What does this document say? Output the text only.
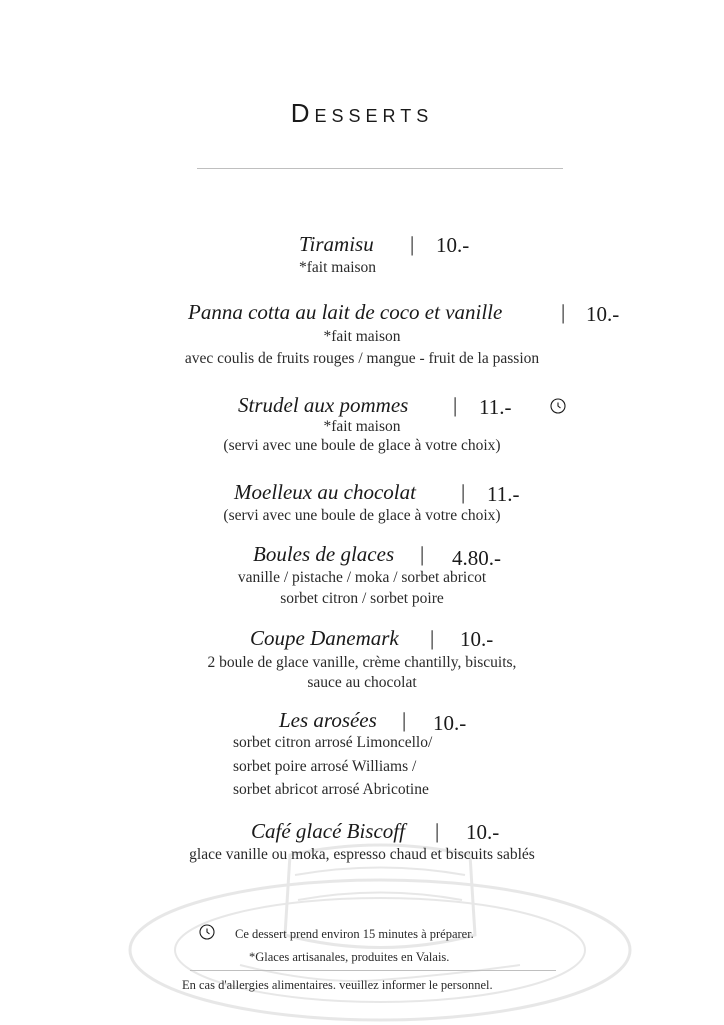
Desserts
Tiramisu | 10.-
*fait maison
Panna cotta au lait de coco et vanille	| 10.-
*fait maison
avec coulis de fruits rouges / mangue - fruit de la passion
Strudel aux pommes | 11.-
*fait maison
(servi avec une boule de glace à votre choix)
Moelleux au chocolat | 11.-
(servi avec une boule de glace à votre choix)
Boules de glaces | 4.80.-
vanille / pistache / moka / sorbet abricot
sorbet citron / sorbet poire
Coupe Danemark | 10.-
2 boule de glace vanille, crème chantilly, biscuits,
sauce au chocolat
Les arosées | 10.-
sorbet citron arrosé Limoncello/
sorbet poire arrosé Williams /
sorbet abricot arrosé Abricotine
Café glacé Biscoff | 10.-
glace vanille ou moka, espresso chaud et biscuits sablés
Ce dessert prend environ 15 minutes à préparer.
*Glaces artisanales, produites en Valais.
En cas d'allergies alimentaires. veuillez informer le personnel.
